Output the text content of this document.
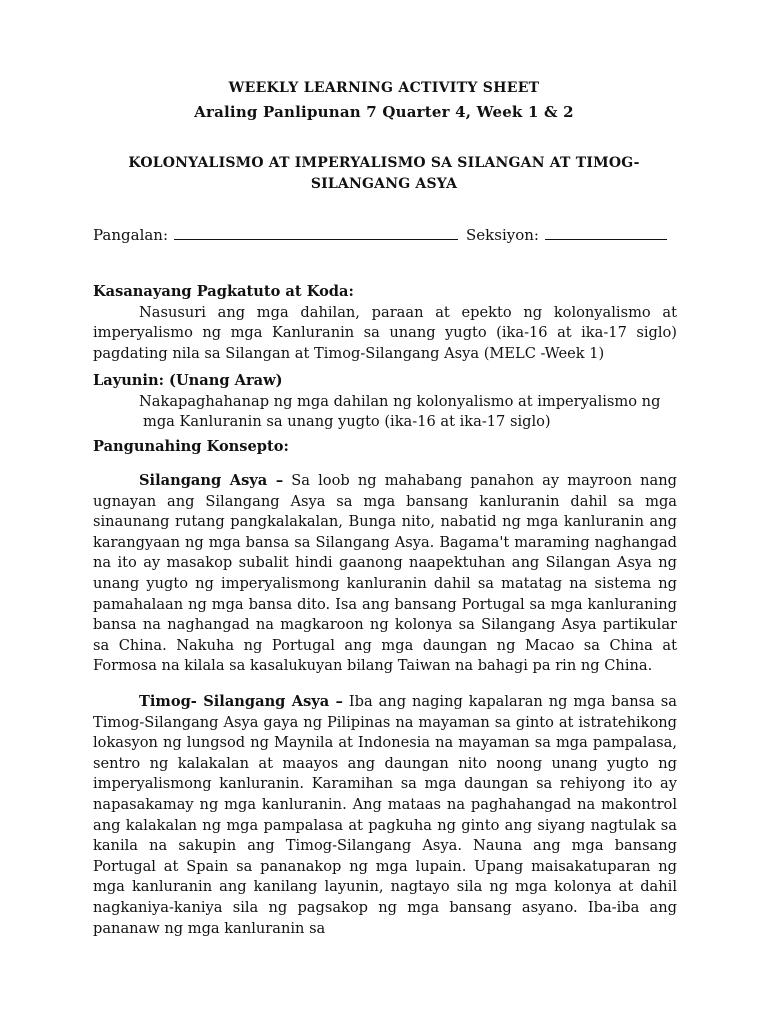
WEEKLY LEARNING ACTIVITY SHEET
Araling Panlipunan 7 Quarter 4, Week 1 & 2
KOLONYALISMO AT IMPERYALISMO SA SILANGAN AT TIMOG-
SILANGANG ASYA
Pangalan:	Seksiyon:
Kasanayang Pagkatuto at Koda:
Nasusuri ang mga dahilan, paraan at epekto ng kolonyalismo at imperyalismo ng mga Kanluranin sa unang yugto (ika-16 at ika-17 siglo) pagdating nila sa Silangan at Timog-Silangang Asya (MELC -Week 1)
Layunin: (Unang Araw)
Nakapaghahanap ng mga dahilan ng kolonyalismo at imperyalismo ng
mga Kanluranin sa unang yugto (ika-16 at ika-17 siglo)
Pangunahing Konsepto:
Silangang Asya – Sa loob ng mahabang panahon ay mayroon nang ugnayan ang Silangang Asya sa mga bansang kanluranin dahil sa mga sinaunang rutang pangkalakalan, Bunga nito, nabatid ng mga kanluranin ang karangyaan ng mga bansa sa Silangang Asya. Bagama't maraming naghangad na ito ay masakop subalit hindi gaanong naapektuhan ang Silangan Asya ng unang yugto ng imperyalismong kanluranin dahil sa matatag na sistema ng pamahalaan ng mga bansa dito. Isa ang bansang Portugal sa mga kanluraning bansa na naghangad na magkaroon ng kolonya sa Silangang Asya partikular sa China. Nakuha ng Portugal ang mga daungan ng Macao sa China at Formosa na kilala sa kasalukuyan bilang Taiwan na bahagi pa rin ng China.
Timog- Silangang Asya – Iba ang naging kapalaran ng mga bansa sa Timog-Silangang Asya gaya ng Pilipinas na mayaman sa ginto at istratehikong lokasyon ng lungsod ng Maynila at Indonesia na mayaman sa mga pampalasa, sentro ng kalakalan at maayos ang daungan nito noong unang yugto ng imperyalismong kanluranin. Karamihan sa mga daungan sa rehiyong ito ay napasakamay ng mga kanluranin. Ang mataas na paghahangad na makontrol ang kalakalan ng mga pampalasa at pagkuha ng ginto ang siyang nagtulak sa kanila na sakupin ang Timog-Silangang Asya. Nauna ang mga bansang Portugal at Spain sa pananakop ng mga lupain. Upang maisakatuparan ng mga kanluranin ang kanilang layunin, nagtayo sila ng mga kolonya at dahil nagkaniya-kaniya sila ng pagsakop ng mga bansang asyano. Iba-iba ang pananaw ng mga kanluranin sa
